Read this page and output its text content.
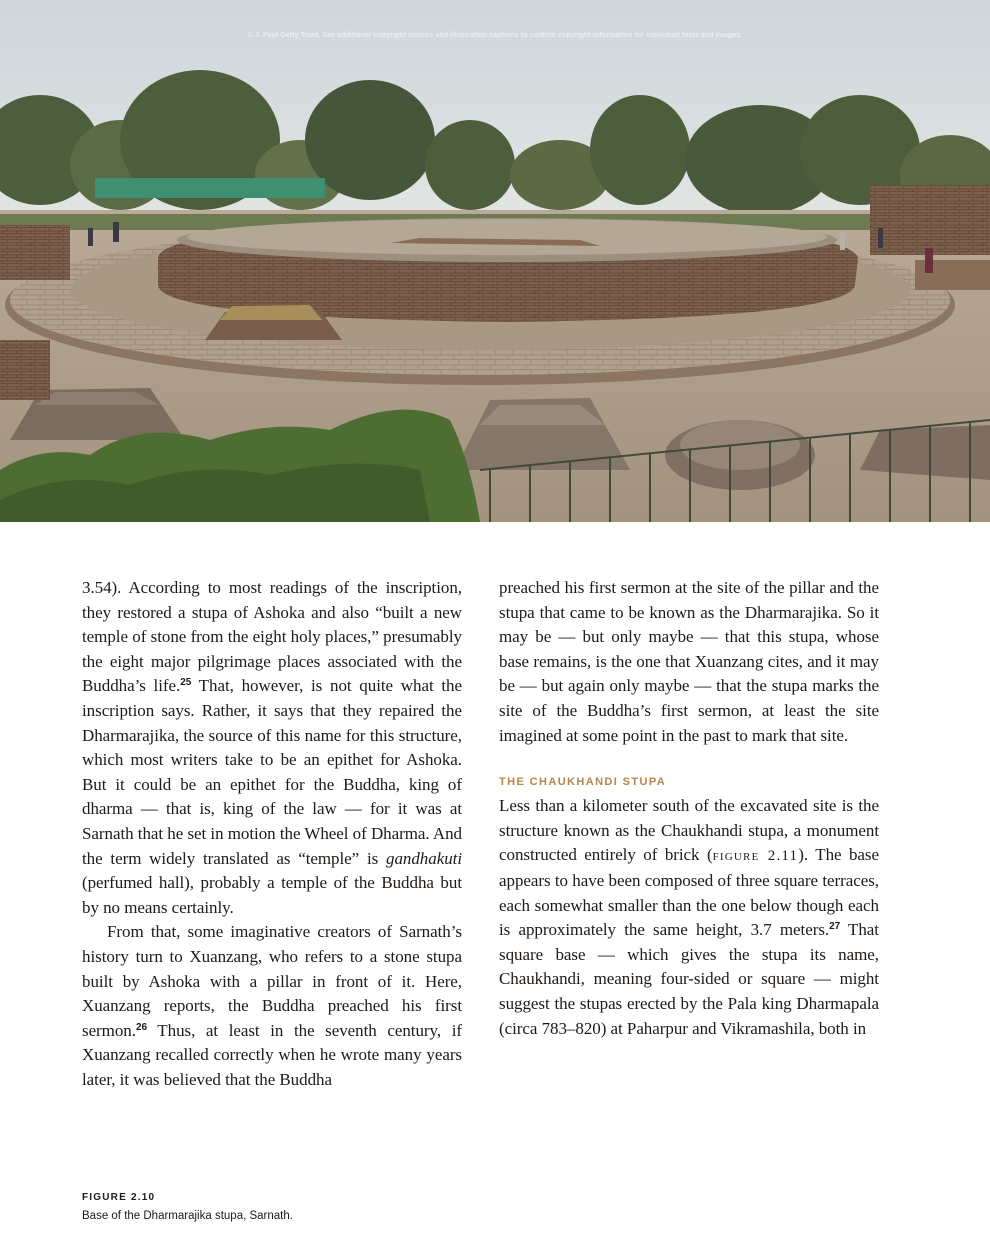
© J. Paul Getty Trust. See additional copyright notices and illustration captions to confirm copyright information for individual texts and images.

3.54). According to most readings of the inscription, they restored a stupa of Ashoka and also “built a new temple of stone from the eight holy places,” presumably the eight major pilgrimage places associated with the Buddha’s life.$^{25}$ That, however, is not quite what the inscription says. Rather, it says that they repaired the Dharmarajika, the source of this name for this structure, which most writers take to be an epithet for Ashoka. But it could be an epithet for the Buddha, king of dharma — that is, king of the law — for it was at Sarnath that he set in motion the Wheel of Dharma. And the term widely translated as “temple” is gandhakuti (perfumed hall), probably a temple of the Buddha but by no means certainly.

From that, some imaginative creators of Sarnath’s history turn to Xuanzang, who refers to a stone stupa built by Ashoka with a pillar in front of it. Here, Xuanzang reports, the Buddha preached his first sermon.$^{26}$ Thus, at least in the seventh century, if Xuanzang recalled correctly when he wrote many years later, it was believed that the Buddha

preached his first sermon at the site of the pillar and the stupa that came to be known as the Dharmarajika. So it may be — but only maybe — that this stupa, whose base remains, is the one that Xuanzang cites, and it may be — but again only maybe — that the stupa marks the site of the Buddha’s first sermon, at least the site imagined at some point in the past to mark that site.

THE CHAUKHANDI STUPA

Less than a kilometer south of the excavated site is the structure known as the Chaukhandi stupa, a monument constructed entirely of brick (figure 2.11). The base appears to have been composed of three square terraces, each somewhat smaller than the one below though each is approximately the same height, 3.7 meters.$^{27}$ That square base — which gives the stupa its name, Chaukhandi, meaning four-sided or square — might suggest the stupas erected by the Pala king Dharmapala (circa 783–820) at Paharpur and Vikramashila, both in

FIGURE 2.10
Base of the Dharmarajika stupa, Sarnath.
